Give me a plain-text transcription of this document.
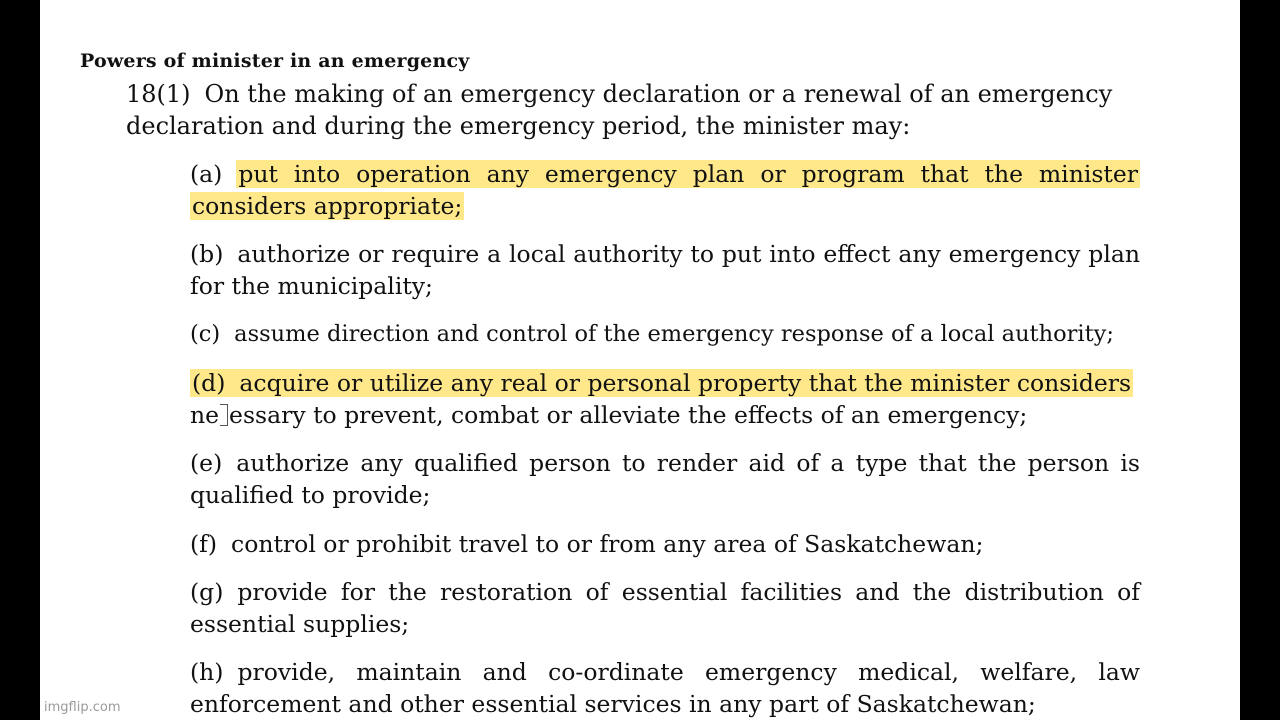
Powers of minister in an emergency
18(1) On the making of an emergency declaration or a renewal of an emergency declaration and during the emergency period, the minister may:
(a) put into operation any emergency plan or program that the minister considers appropriate;
(b) authorize or require a local authority to put into effect any emergency plan for the municipality;
(c) assume direction and control of the emergency response of a local authority;
(d) acquire or utilize any real or personal property that the minister considers
ne essary to prevent, combat or alleviate the effects of an emergency;
(e) authorize any qualified person to render aid of a type that the person is qualified to provide;
(f) control or prohibit travel to or from any area of Saskatchewan;
(g) provide for the restoration of essential facilities and the distribution of essential supplies;
(h) provide, maintain and co-ordinate emergency medical, welfare, law enforcement and other essential services in any part of Saskatchewan;
imgflip.com
